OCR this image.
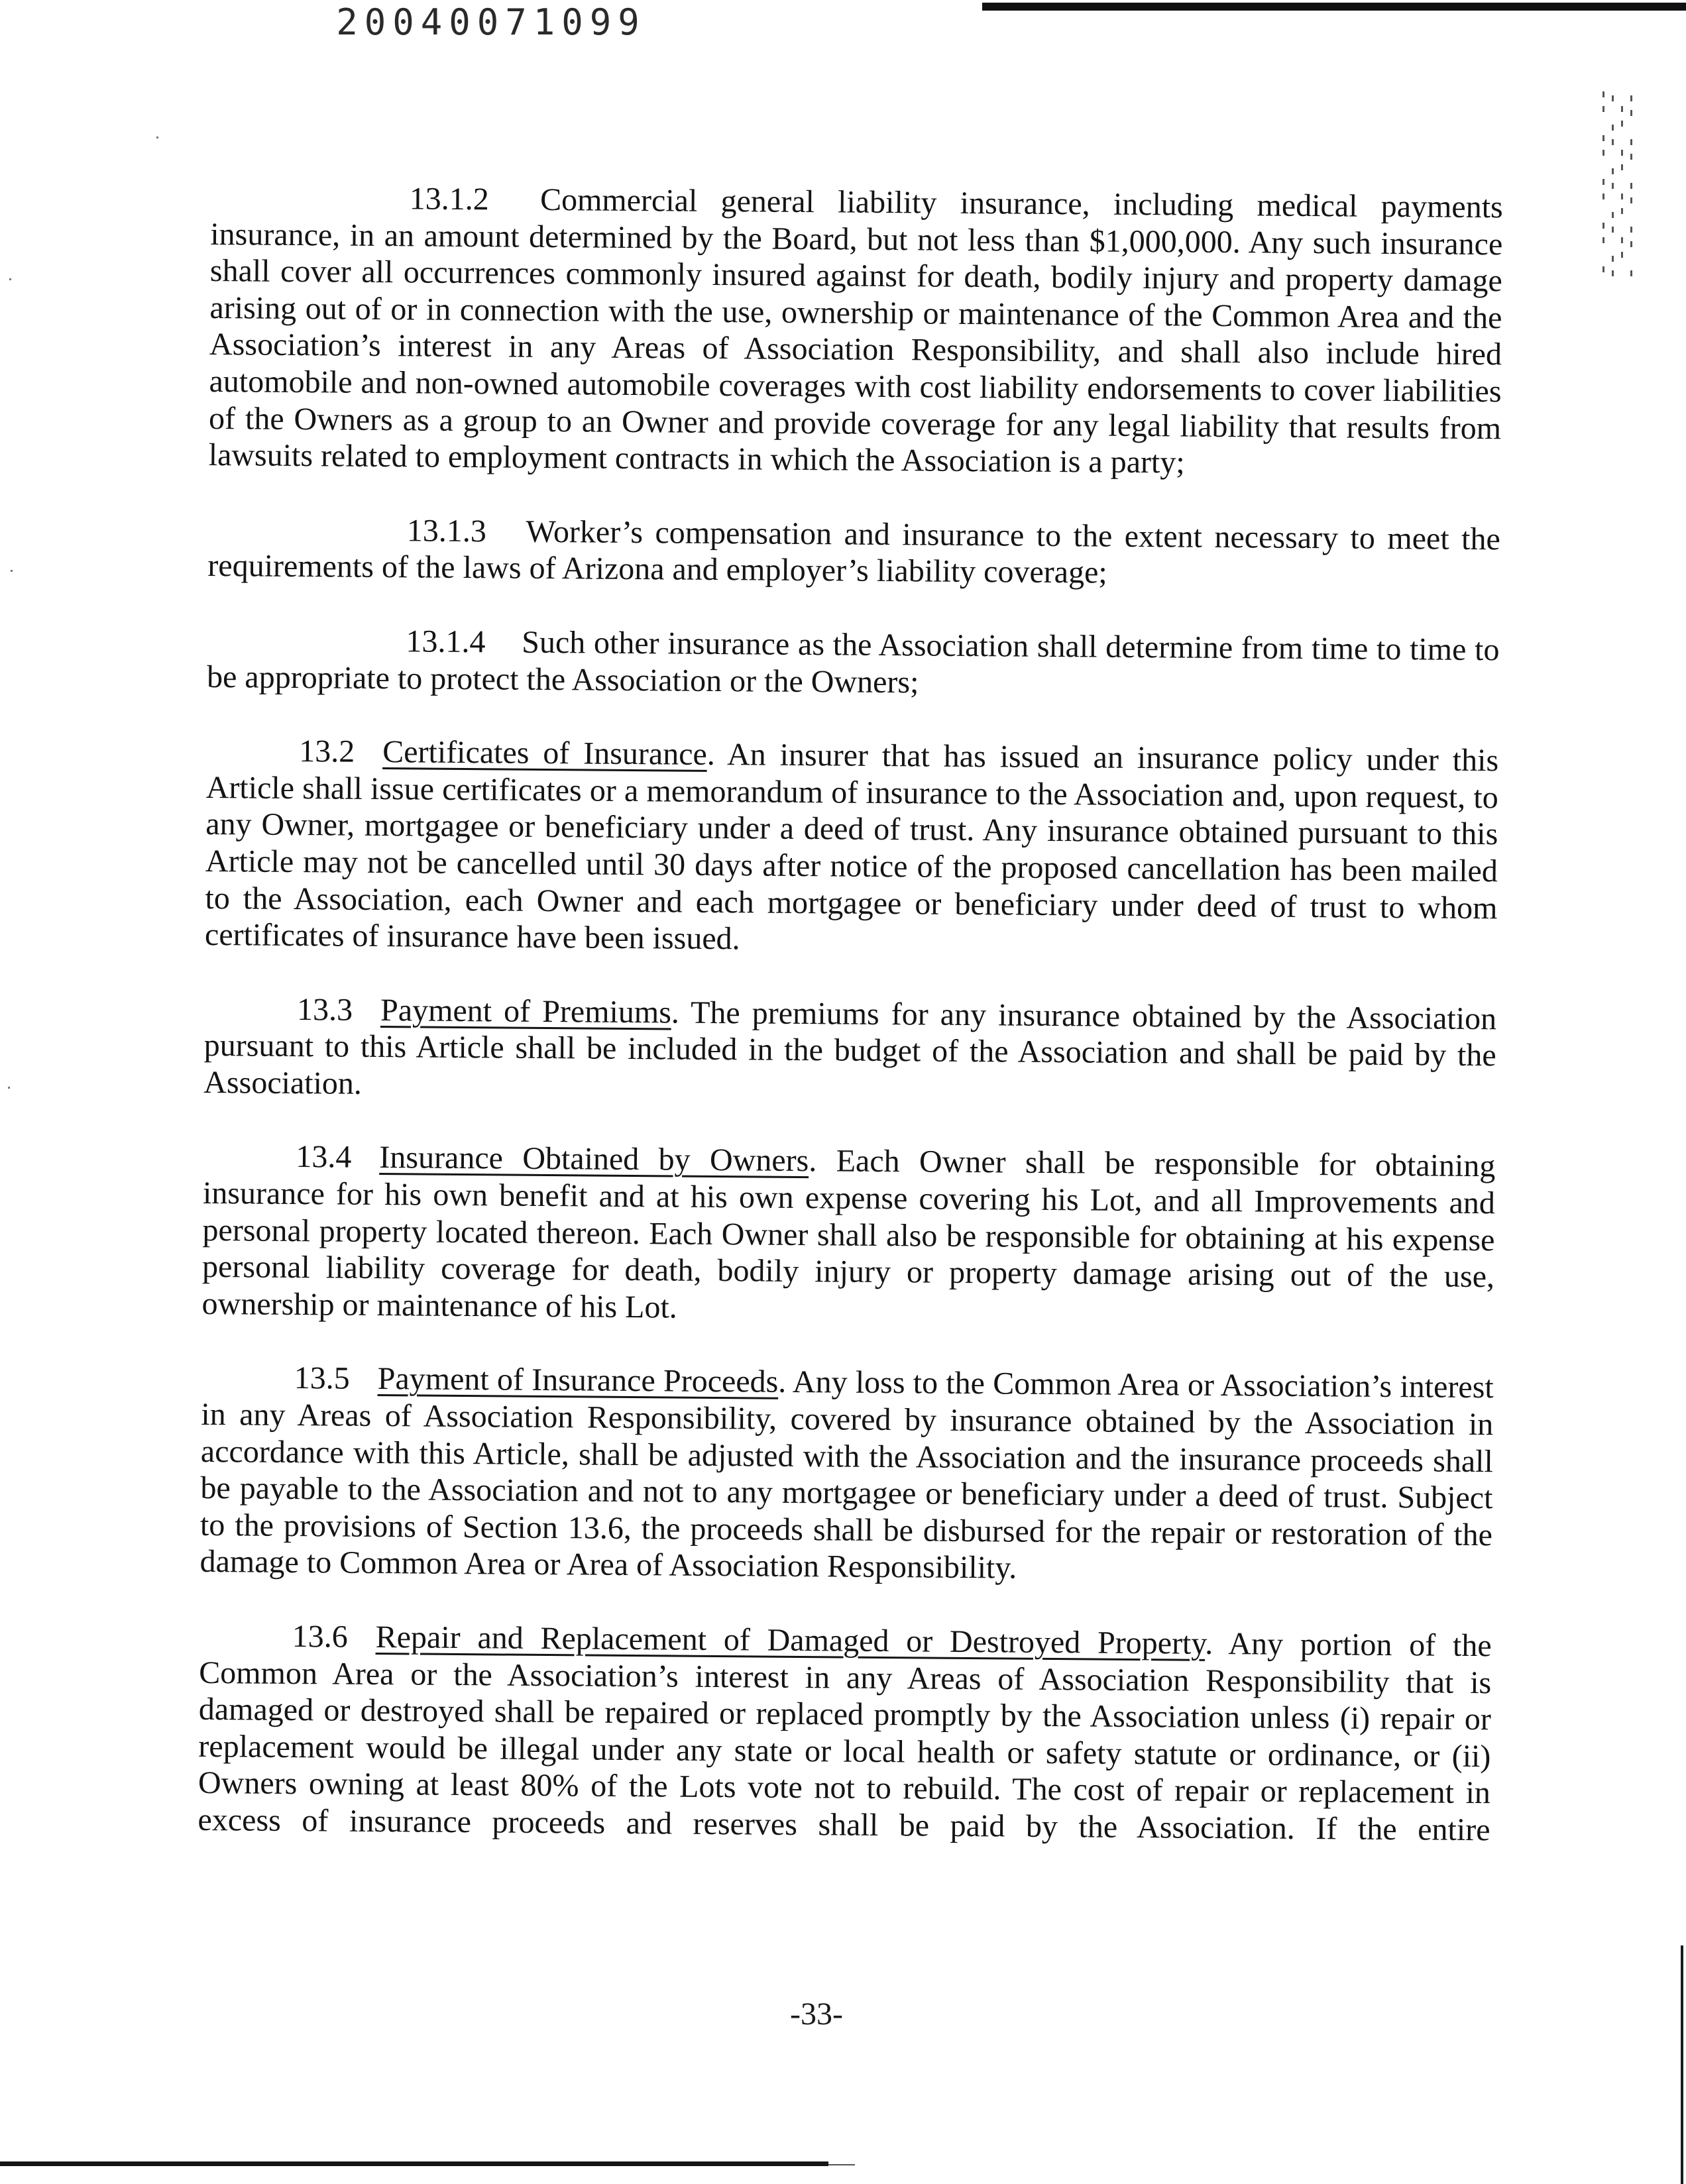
20040071099

13.1.2 Commercial general liability insurance, including medical payments insurance, in an amount determined by the Board, but not less than $1,000,000. Any such insurance shall cover all occurrences commonly insured against for death, bodily injury and property damage arising out of or in connection with the use, ownership or maintenance of the Common Area and the Association’s interest in any Areas of Association Responsibility, and shall also include hired automobile and non-owned automobile coverages with cost liability endorsements to cover liabilities of the Owners as a group to an Owner and provide coverage for any legal liability that results from lawsuits related to employment contracts in which the Association is a party;

13.1.3 Worker’s compensation and insurance to the extent necessary to meet the requirements of the laws of Arizona and employer’s liability coverage;

13.1.4 Such other insurance as the Association shall determine from time to time to be appropriate to protect the Association or the Owners;

13.2 Certificates of Insurance. An insurer that has issued an insurance policy under this Article shall issue certificates or a memorandum of insurance to the Association and, upon request, to any Owner, mortgagee or beneficiary under a deed of trust. Any insurance obtained pursuant to this Article may not be cancelled until 30 days after notice of the proposed cancellation has been mailed to the Association, each Owner and each mortgagee or beneficiary under deed of trust to whom certificates of insurance have been issued.

13.3 Payment of Premiums. The premiums for any insurance obtained by the Association pursuant to this Article shall be included in the budget of the Association and shall be paid by the Association.

13.4 Insurance Obtained by Owners. Each Owner shall be responsible for obtaining insurance for his own benefit and at his own expense covering his Lot, and all Improvements and personal property located thereon. Each Owner shall also be responsible for obtaining at his expense personal liability coverage for death, bodily injury or property damage arising out of the use, ownership or maintenance of his Lot.

13.5 Payment of Insurance Proceeds. Any loss to the Common Area or Association’s interest in any Areas of Association Responsibility, covered by insurance obtained by the Association in accordance with this Article, shall be adjusted with the Association and the insurance proceeds shall be payable to the Association and not to any mortgagee or beneficiary under a deed of trust. Subject to the provisions of Section 13.6, the proceeds shall be disbursed for the repair or restoration of the damage to Common Area or Area of Association Responsibility.

13.6 Repair and Replacement of Damaged or Destroyed Property. Any portion of the Common Area or the Association’s interest in any Areas of Association Responsibility that is damaged or destroyed shall be repaired or replaced promptly by the Association unless (i) repair or replacement would be illegal under any state or local health or safety statute or ordinance, or (ii) Owners owning at least 80% of the Lots vote not to rebuild. The cost of repair or replacement in excess of insurance proceeds and reserves shall be paid by the Association. If the entire

-33-
